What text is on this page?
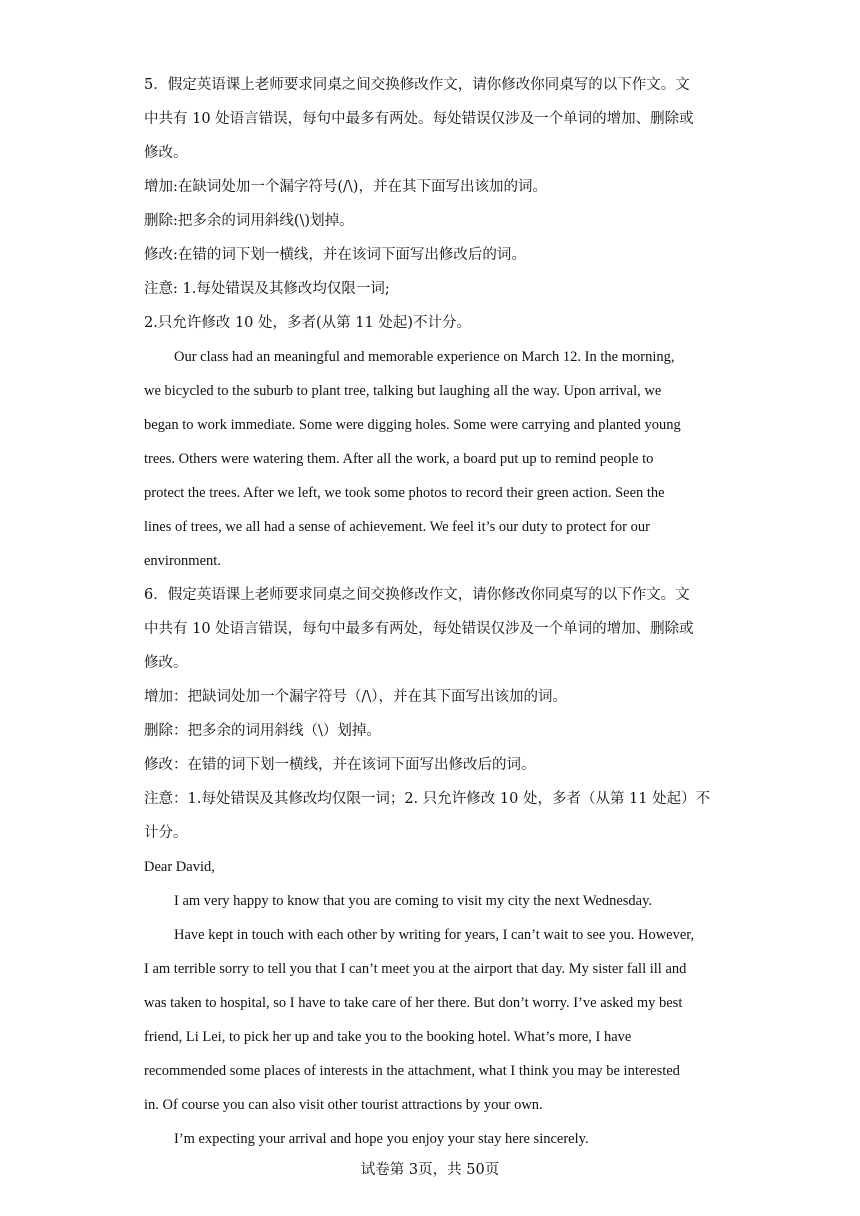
5．假定英语课上老师要求同桌之间交换修改作文，请你修改你同桌写的以下作文。文
中共有 10 处语言错误，每句中最多有两处。每处错误仅涉及一个单词的增加、删除或
修改。
增加:在缺词处加一个漏字符号(/\)，并在其下面写出该加的词。
删除:把多余的词用斜线(\)划掉。
修改:在错的词下划一横线，并在该词下面写出修改后的词。
注意: 1.每处错误及其修改均仅限一词;
2.只允许修改 10 处，多者(从第 11 处起)不计分。
Our class had an meaningful and memorable experience on March 12. In the morning,
we bicycled to the suburb to plant tree, talking but laughing all the way. Upon arrival, we
began to work immediate. Some were digging holes. Some were carrying and planted young
trees. Others were watering them. After all the work, a board put up to remind people to
protect the trees. After we left, we took some photos to record their green action. Seen the
lines of trees, we all had a sense of achievement. We feel it’s our duty to protect for our
environment.
6．假定英语课上老师要求同桌之间交换修改作文，请你修改你同桌写的以下作文。文
中共有 10 处语言错误，每句中最多有两处，每处错误仅涉及一个单词的增加、删除或
修改。
增加：把缺词处加一个漏字符号（/\），并在其下面写出该加的词。
删除：把多余的词用斜线（\）划掉。
修改：在错的词下划一横线，并在该词下面写出修改后的词。
注意：1.每处错误及其修改均仅限一词；2. 只允许修改 10 处，多者（从第 11 处起）不
计分。
Dear David,
I am very happy to know that you are coming to visit my city the next Wednesday.
Have kept in touch with each other by writing for years, I can’t wait to see you. However,
I am terrible sorry to tell you that I can’t meet you at the airport that day. My sister fall ill and
was taken to hospital, so I have to take care of her there. But don’t worry. I’ve asked my best
friend, Li Lei, to pick her up and take you to the booking hotel. What’s more, I have
recommended some places of interests in the attachment, what I think you may be interested
in. Of course you can also visit other tourist attractions by your own.
I’m expecting your arrival and hope you enjoy your stay here sincerely.
试卷第 3页，共 50页
